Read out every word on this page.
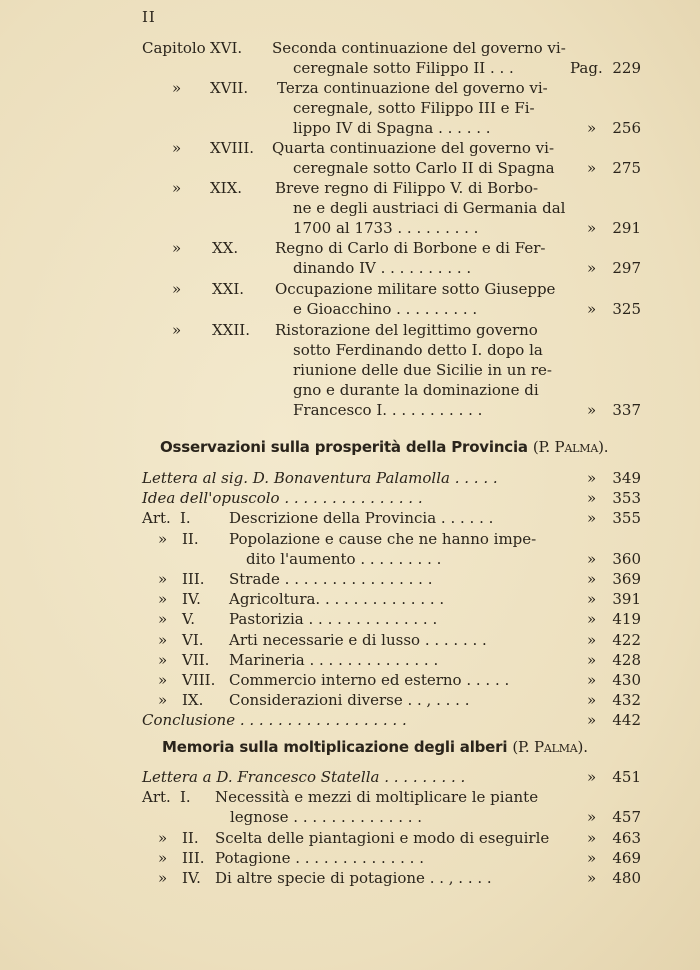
II
Capitolo XVI. Seconda continuazione del governo vi-
ceregnale sotto Filippo II . . .	Pag. 229
» XVII. Terza continuazione del governo vi-
ceregnale, sotto Filippo III e Fi-
lippo IV di Spagna . . . . . .	»	256
» XVIII. Quarta continuazione del governo vi-
ceregnale sotto Carlo II di Spagna »	275
» XIX. Breve regno di Filippo V. di Borbo-
ne e degli austriaci di Germania dal
1700 al 1733 . . . . . . . . .	»	291
» XX. Regno di Carlo di Borbone e di Fer-
dinando IV . . . . . . . . . .	»	297
» XXI. Occupazione militare sotto Giuseppe
e Gioacchino . . . . . . . . .	»	325
» XXII. Ristorazione del legittimo governo
sotto Ferdinando detto I. dopo la
riunione delle due Sicilie in un re-
gno e durante la dominazione di
Francesco I. . . . . . . . . . .	»	337
Osservazioni sulla prosperità della Provincia (P. Palma).
Lettera al sig. D. Bonaventura Palamolla . . . . .	»	349
Idea dell'opuscolo . . . . . . . . . . . . . . .	»	353
Art. I.	Descrizione della Provincia . . . . . .	»	355
» II. Popolazione e cause che ne hanno impe-
dito l'aumento . . . . . . . . .	»	360
» III. Strade . . . . . . . . . . . . . . . .	»	369
» IV. Agricoltura. . . . . . . . . . . . . .	»	391
» V. Pastorizia . . . . . . . . . . . . . .	»	419
» VI. Arti necessarie e di lusso . . . . . . .	»	422
» VII. Marineria . . . . . . . . . . . . . .	»	428
» VIII. Commercio interno ed esterno . . . . .	»	430
» IX. Considerazioni diverse . . , . . . .	»	432
Conclusione . . . . . . . . . . . . . . . . . .	»	442
Memoria sulla moltiplicazione degli alberi (P. Palma).
Lettera a D. Francesco Statella . . . . . . . . .	»	451
Art. I. Necessità e mezzi di moltiplicare le piante
legnose . . . . . . . . . . . . . .	»	457
» II. Scelta delle piantagioni e modo di eseguirle	»	463
» III. Potagione . . . . . . . . . . . . . .	»	469
» IV. Di altre specie di potagione . . , . . . .	»	480
